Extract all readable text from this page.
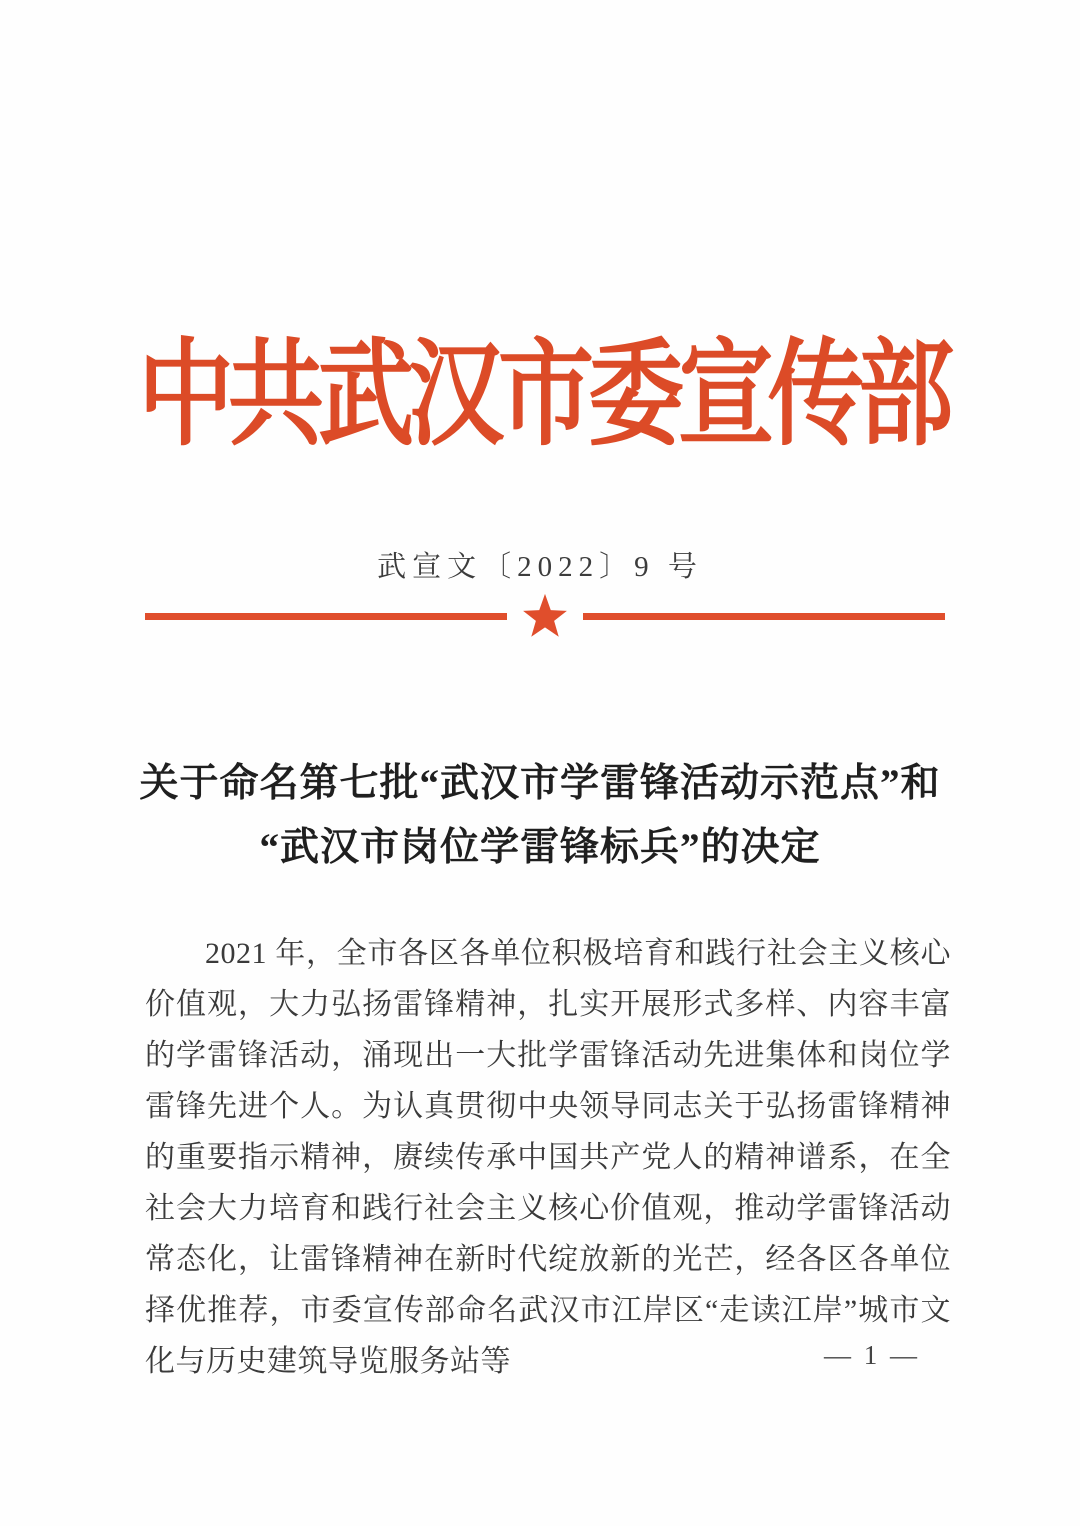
中共武汉市委宣传部
武宣文〔2022〕9 号
关于命名第七批“武汉市学雷锋活动示范点”和
“武汉市岗位学雷锋标兵”的决定
2021 年，全市各区各单位积极培育和践行社会主义核心价值观，大力弘扬雷锋精神，扎实开展形式多样、内容丰富的学雷锋活动，涌现出一大批学雷锋活动先进集体和岗位学雷锋先进个人。为认真贯彻中央领导同志关于弘扬雷锋精神的重要指示精神，赓续传承中国共产党人的精神谱系，在全社会大力培育和践行社会主义核心价值观，推动学雷锋活动常态化，让雷锋精神在新时代绽放新的光芒，经各区各单位择优推荐，市委宣传部命名武汉市江岸区“走读江岸”城市文化与历史建筑导览服务站等	— 1 —
